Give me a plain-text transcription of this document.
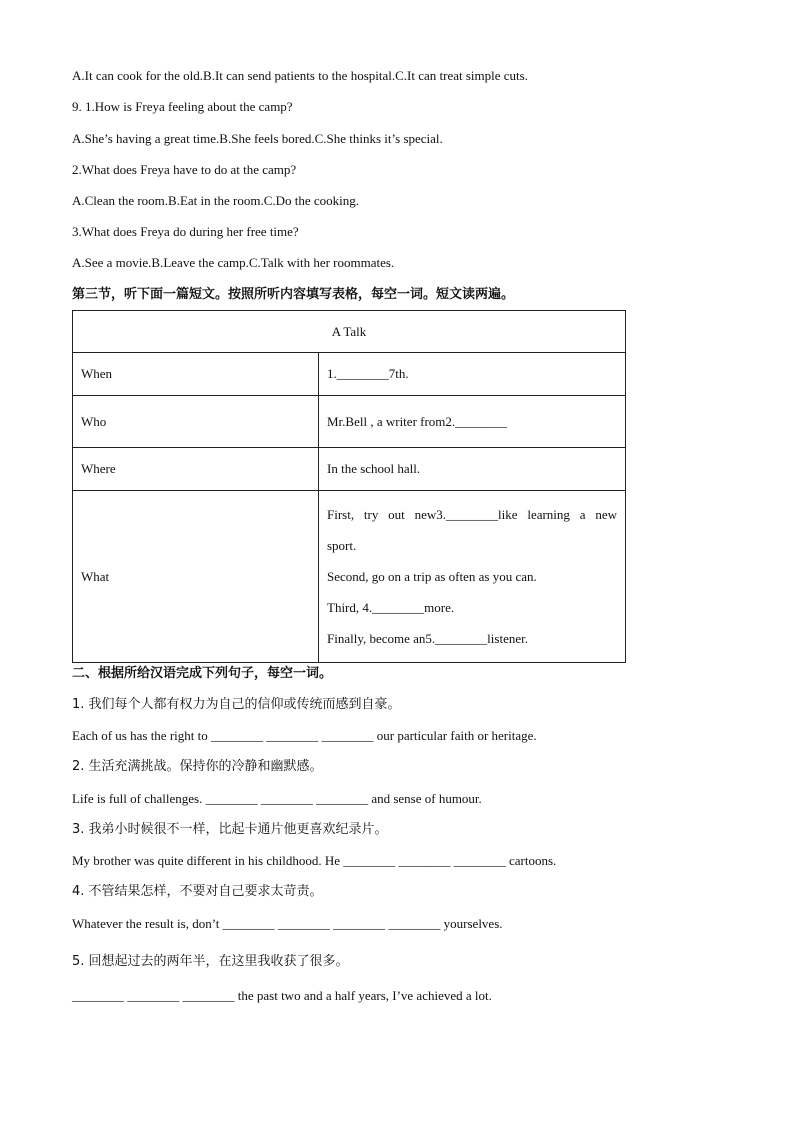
A.It can cook for the old.B.It can send patients to the hospital.C.It can treat simple cuts.
9. 1.How is Freya feeling about the camp?
A.She’s having a great time.B.She feels bored.C.She thinks it’s special.
2.What does Freya have to do at the camp?
A.Clean the room.B.Eat in the room.C.Do the cooking.
3.What does Freya do during her free time?
A.See a movie.B.Leave the camp.C.Talk with her roommates.
第三节，听下面一篇短文。按照所听内容填写表格，每空一词。短文读两遍。
A Talk	
When	1.________7th.
Who	Mr.Bell , a writer from2.________
Where	In the school hall.
What	First, try out new3.________like learning a new
sport.
Second, go on a trip as often as you can.
Third, 4.________more.
Finally, become an5.________listener.
二、根据所给汉语完成下列句子，每空一词。
1. 我们每个人都有权力为自己的信仰或传统而感到自豪。
Each of us has the right to ________ ________ ________ our particular faith or heritage.
2. 生活充满挑战。保持你的冷静和幽默感。
Life is full of challenges. ________ ________ ________ and sense of humour.
3. 我弟小时候很不一样，比起卡通片他更喜欢纪录片。
My brother was quite different in his childhood. He ________ ________ ________ cartoons.
4. 不管结果怎样，不要对自己要求太苛责。
Whatever the result is, don’t ________ ________ ________ ________ yourselves.
5. 回想起过去的两年半，在这里我收获了很多。
________ ________ ________ the past two and a half years, I’ve achieved a lot.
